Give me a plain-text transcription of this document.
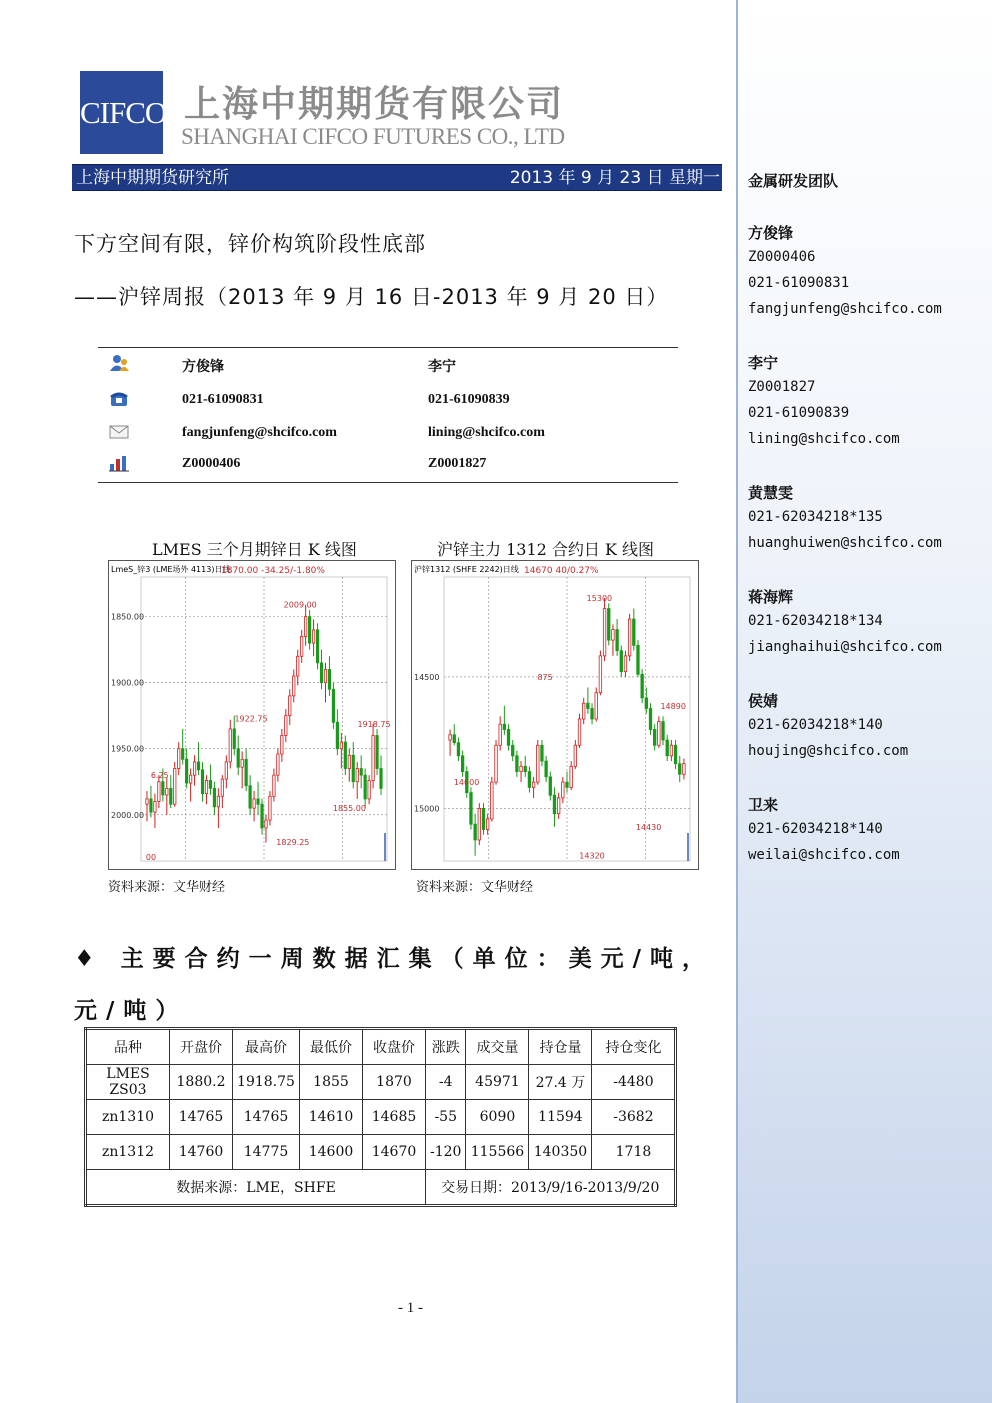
CIFCO 上海中期期货有限公司
SHANGHAI CIFCO FUTURES CO., LTD
上海中期期货研究所	2013 年 9 月 23 日 星期一
下方空间有限，锌价构筑阶段性底部
——沪锌周报（2013 年 9 月 16 日-2013 年 9 月 20 日）
方俊锋	李宁
021-61090831	021-61090839
fangjunfeng@shcifco.com	lining@shcifco.com
Z0000406	Z0001827
LMES 三个月期锌日 K 线图	沪锌主力 1312 合约日 K 线图
LmeS_锌3 (LME场外 4113)日线
1870.00 -34.25/-1.80%
2000.00
1950.00
1900.00
1850.00
2009.00
1922.75
1918.75
6.25
1855.00
1829.25
00
沪锌1312 (SHFE 2242)日线 14670 40/0.27%
15000
14500
15300
875
14890
14600
14430
14320
资料来源：文华财经	资料来源：文华财经
♦ 主要合约一周数据汇集（单位：美元/吨，元/吨）
品种	开盘价	最高价	最低价	收盘价	涨跌	成交量	持仓量	持仓变化
LMES ZS03	1880.2	1918.75	1855	1870	-4	45971	27.4 万	-4480
zn1310	14765	14765	14610	14685	-55	6090	11594	-3682
zn1312	14760	14775	14600	14670	-120	115566	140350	1718
数据来源：LME，SHFE					交易日期：2013/9/16-2013/9/20			
- 1 -
金属研发团队
方俊锋
Z0000406
021-61090831
fangjunfeng@shcifco.com
李宁
Z0001827
021-61090839
lining@shcifco.com
黄慧雯
021-62034218*135
huanghuiwen@shcifco.com
蒋海辉
021-62034218*134
jianghaihui@shcifco.com
侯婧
021-62034218*140
houjing@shcifco.com
卫来
021-62034218*140
weilai@shcifco.com
